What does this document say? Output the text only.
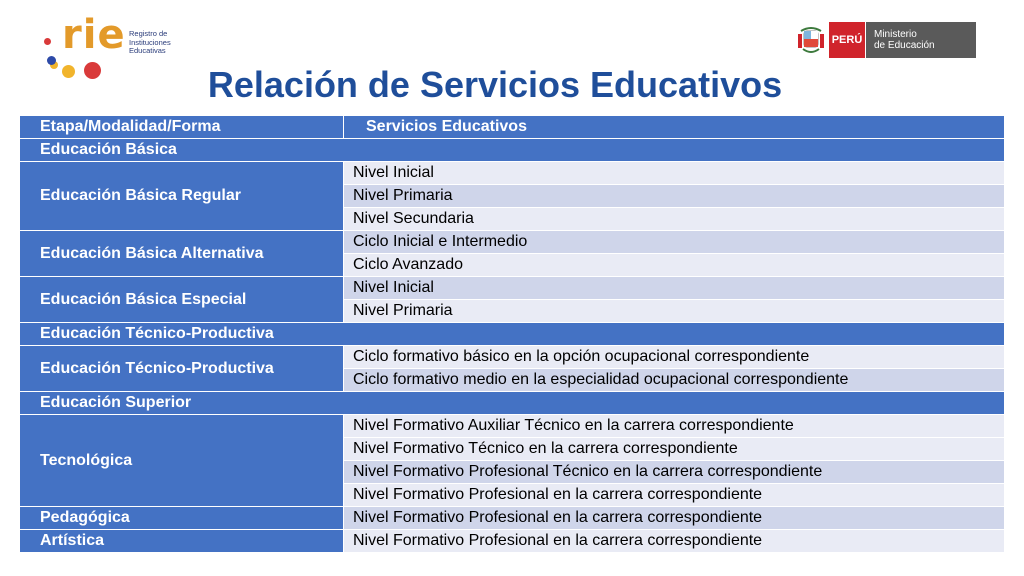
rie Registro de
Instituciones
Educativas
PERÚ Ministerio
de Educación
Relación de Servicios Educativos
Etapa/Modalidad/Forma	Servicios Educativos
Educación Básica	
Educación Básica Regular	Nivel Inicial
	Nivel Primaria
	Nivel Secundaria
Educación Básica Alternativa	Ciclo Inicial e Intermedio
	Ciclo Avanzado
Educación Básica Especial	Nivel Inicial
	Nivel Primaria
Educación Técnico-Productiva	
Educación Técnico-Productiva	Ciclo formativo básico en la opción ocupacional correspondiente
	Ciclo formativo medio en la especialidad ocupacional correspondiente
Educación Superior	
Tecnológica	Nivel Formativo Auxiliar Técnico en la carrera correspondiente
	Nivel Formativo Técnico en la carrera correspondiente
	Nivel Formativo Profesional Técnico en la carrera correspondiente
	Nivel Formativo Profesional en la carrera correspondiente
Pedagógica	Nivel Formativo Profesional en la carrera correspondiente
Artística	Nivel Formativo Profesional en la carrera correspondiente
